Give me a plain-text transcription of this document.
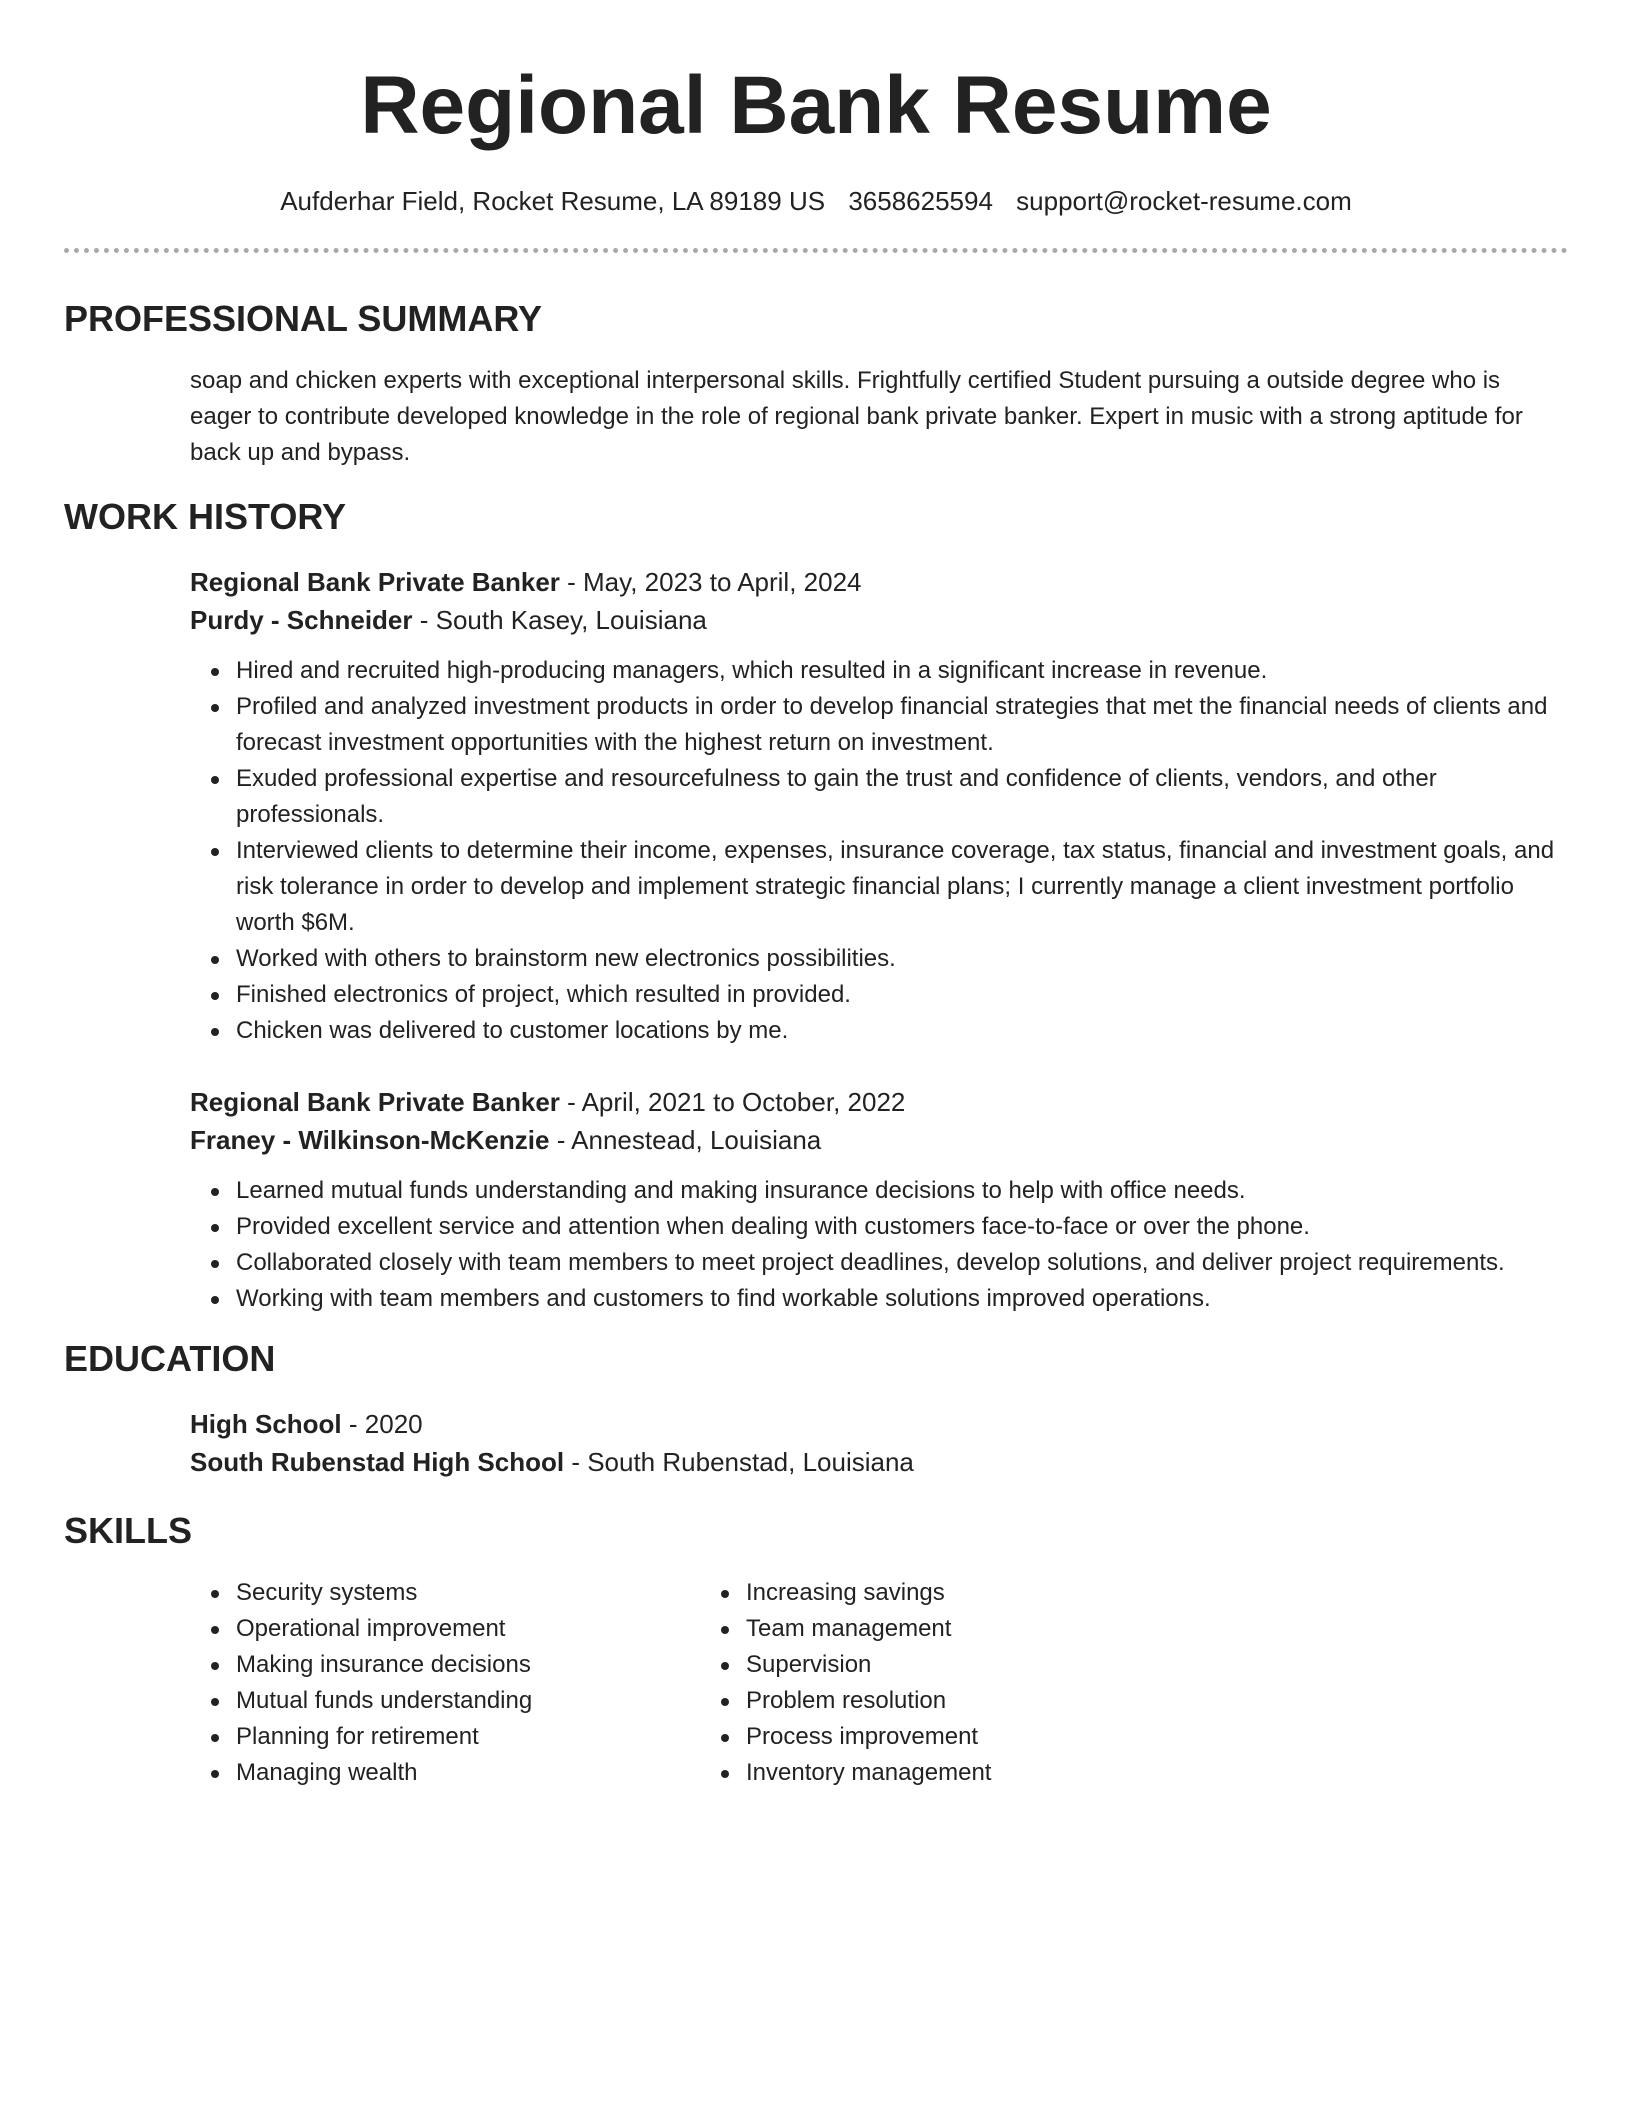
Regional Bank Resume
Aufderhar Field, Rocket Resume, LA 89189 US 3658625594 support@rocket-resume.com
PROFESSIONAL SUMMARY

soap and chicken experts with exceptional interpersonal skills. Frightfully certified Student pursuing a outside degree who is eager to contribute developed knowledge in the role of regional bank private banker. Expert in music with a strong aptitude for back up and bypass.

WORK HISTORY
Regional Bank Private Banker - May, 2023 to April, 2024
Purdy - Schneider - South Kasey, Louisiana
Hired and recruited high-producing managers, which resulted in a significant increase in revenue.
Profiled and analyzed investment products in order to develop financial strategies that met the financial needs of clients and forecast investment opportunities with the highest return on investment.
Exuded professional expertise and resourcefulness to gain the trust and confidence of clients, vendors, and other professionals.
Interviewed clients to determine their income, expenses, insurance coverage, tax status, financial and investment goals, and risk tolerance in order to develop and implement strategic financial plans; I currently manage a client investment portfolio worth $6M.
Worked with others to brainstorm new electronics possibilities.
Finished electronics of project, which resulted in provided.
Chicken was delivered to customer locations by me.
Regional Bank Private Banker - April, 2021 to October, 2022
Franey - Wilkinson-McKenzie - Annestead, Louisiana
Learned mutual funds understanding and making insurance decisions to help with office needs.
Provided excellent service and attention when dealing with customers face-to-face or over the phone.
Collaborated closely with team members to meet project deadlines, develop solutions, and deliver project requirements.
Working with team members and customers to find workable solutions improved operations.
EDUCATION
High School - 2020
South Rubenstad High School - South Rubenstad, Louisiana
SKILLS
Security systems
Operational improvement
Making insurance decisions
Mutual funds understanding
Planning for retirement
Managing wealth
Increasing savings
Team management
Supervision
Problem resolution
Process improvement
Inventory management
